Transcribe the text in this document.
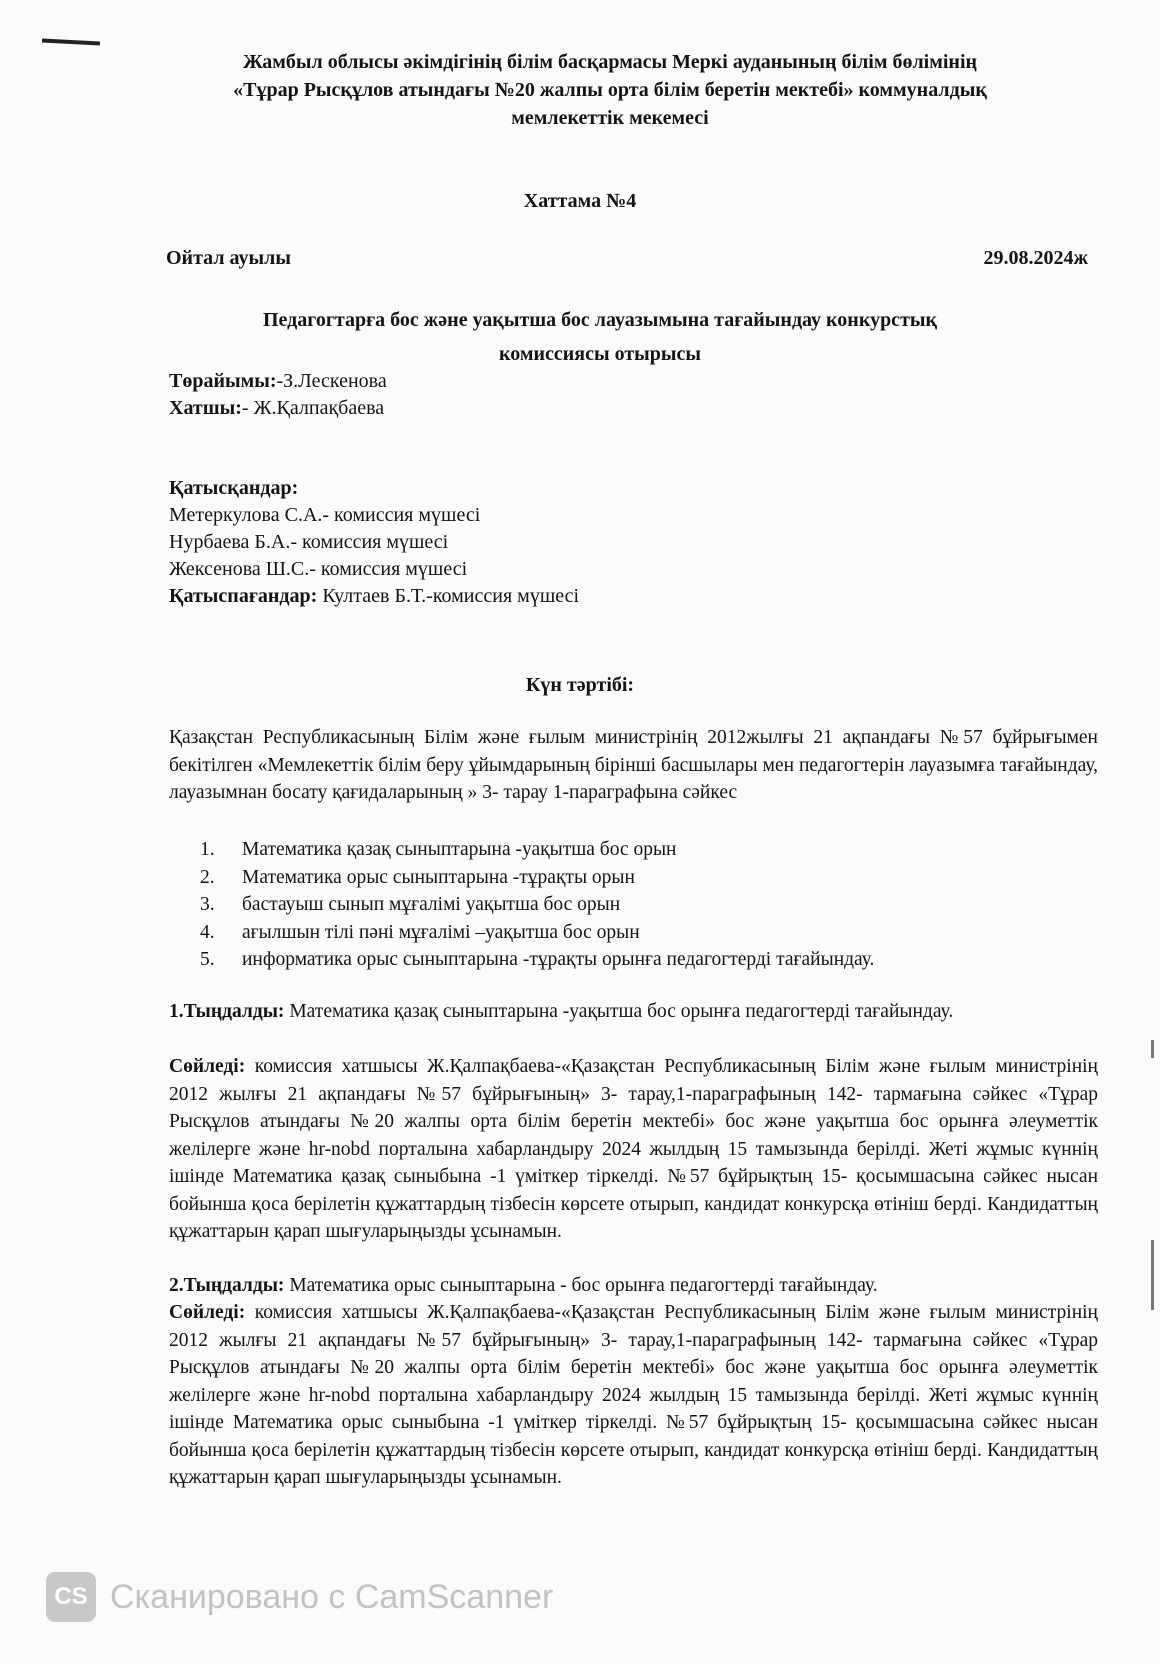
Жамбыл облысы әкімдігінің білім басқармасы Меркі ауданының білім бөлімінің
«Тұрар Рысқұлов атындағы №20 жалпы орта білім беретін мектебі» коммуналдық
мемлекеттік мекемесі
Хаттама №4
Ойтал ауылы	29.08.2024ж
Педагогтарға бос және уақытша бос лауазымына тағайындау конкурстық
комиссиясы отырысы
Төрайымы:-З.Лескенова
Хатшы:- Ж.Қалпақбаева
Қатысқандар:
Метеркулова С.А.- комиссия мүшесі
Нурбаева Б.А.- комиссия мүшесі
Жексенова Ш.С.- комиссия мүшесі
Қатыспағандар: Култаев Б.Т.-комиссия мүшесі
Күн тәртібі:
Қазақстан Республикасының Білім және ғылым министрінің 2012жылғы 21 ақпандағы №57 бұйрығымен бекітілген «Мемлекеттік білім беру ұйымдарының бірінші басшылары мен педагогтерін лауазымға тағайындау, лауазымнан босату қағидаларының » 3- тарау 1-параграфына сәйкес
1.	Математика қазақ сыныптарына -уақытша бос орын
2.	Математика орыс сыныптарына -тұрақты орын
3.	бастауыш сынып мұғалімі уақытша бос орын
4.	ағылшын тілі пәні мұғалімі –уақытша бос орын
5.	информатика орыс сыныптарына -тұрақты орынға педагогтерді тағайындау.
1.Тыңдалды: Математика қазақ сыныптарына -уақытша бос орынға педагогтерді тағайындау.
Сөйледі: комиссия хатшысы Ж.Қалпақбаева-«Қазақстан Республикасының Білім және ғылым министрінің 2012 жылғы 21 ақпандағы №57 бұйрығының» 3- тарау,1-параграфының 142- тармағына сәйкес «Тұрар Рысқұлов атындағы №20 жалпы орта білім беретін мектебі» бос және уақытша бос орынға әлеуметтік желілерге және hr-nobd порталына хабарландыру 2024 жылдың 15 тамызында берілді. Жеті жұмыс күннің ішінде Математика қазақ сыныбына -1 үміткер тіркелді. №57 бұйрықтың 15- қосымшасына сәйкес нысан бойынша қоса берілетін құжаттардың тізбесін көрсете отырып, кандидат конкурсқа өтініш берді. Кандидаттың құжаттарын қарап шығуларыңызды ұсынамын.
2.Тыңдалды: Математика орыс сыныптарына - бос орынға педагогтерді тағайындау.
Сөйледі: комиссия хатшысы Ж.Қалпақбаева-«Қазақстан Республикасының Білім және ғылым министрінің 2012 жылғы 21 ақпандағы №57 бұйрығының» 3- тарау,1-параграфының 142- тармағына сәйкес «Тұрар Рысқұлов атындағы №20 жалпы орта білім беретін мектебі» бос және уақытша бос орынға әлеуметтік желілерге және hr-nobd порталына хабарландыру 2024 жылдың 15 тамызында берілді. Жеті жұмыс күннің ішінде Математика орыс сыныбына -1 үміткер тіркелді. №57 бұйрықтың 15- қосымшасына сәйкес нысан бойынша қоса берілетін құжаттардың тізбесін көрсете отырып, кандидат конкурсқа өтініш берді. Кандидаттың құжаттарын қарап шығуларыңызды ұсынамын.
CS Сканировано с CamScanner
